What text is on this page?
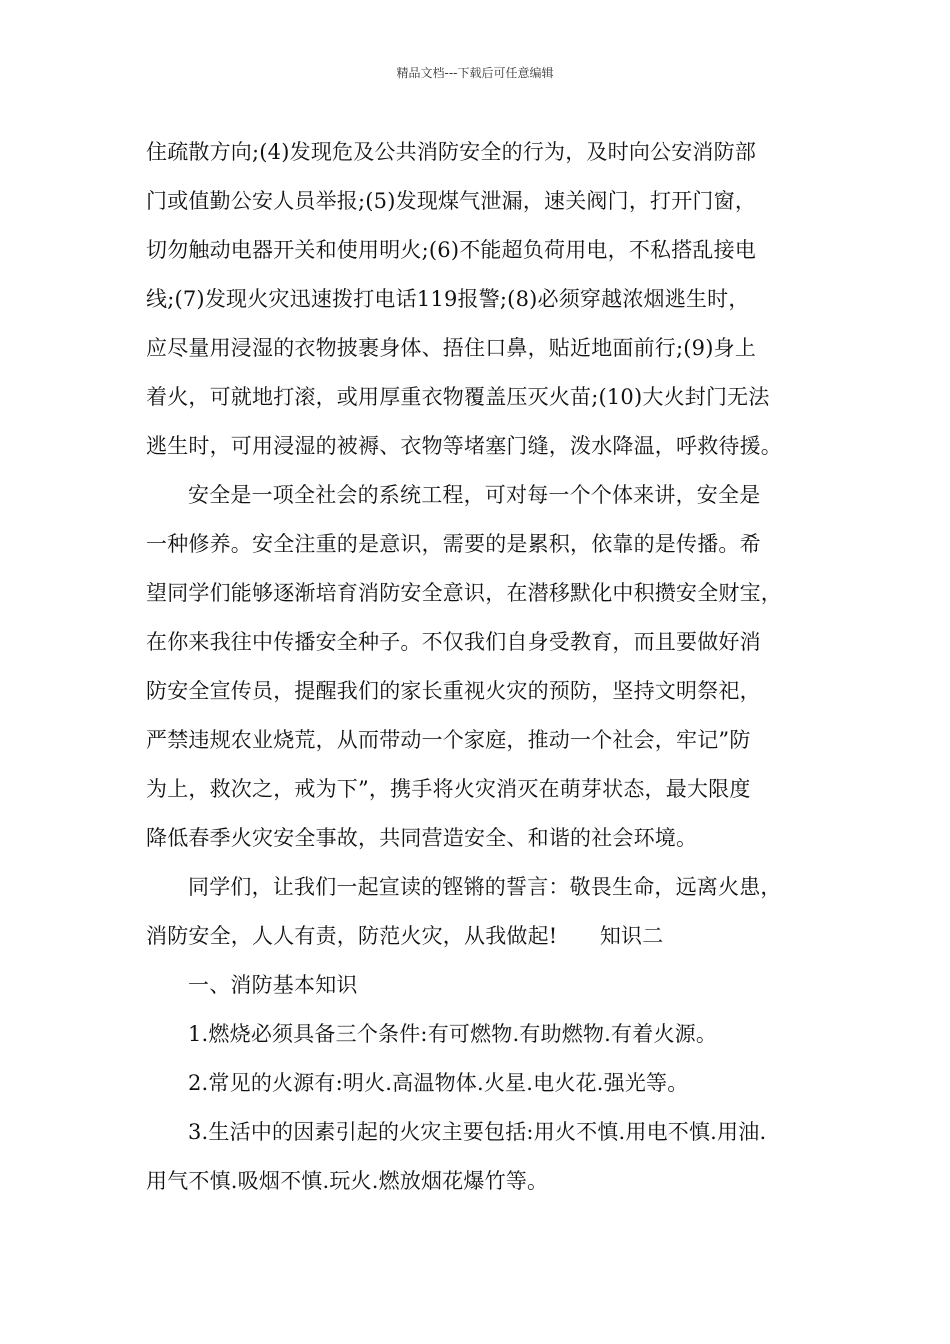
精品文档---下载后可任意编辑
住疏散方向;(4)发现危及公共消防安全的行为，及时向公安消防部
门或值勤公安人员举报;(5)发现煤气泄漏，速关阀门，打开门窗，
切勿触动电器开关和使用明火;(6)不能超负荷用电，不私搭乱接电
线;(7)发现火灾迅速拨打电话119报警;(8)必须穿越浓烟逃生时，
应尽量用浸湿的衣物披裹身体、捂住口鼻，贴近地面前行;(9)身上
着火，可就地打滚，或用厚重衣物覆盖压灭火苗;(10)大火封门无法
逃生时，可用浸湿的被褥、衣物等堵塞门缝，泼水降温，呼救待援。
安全是一项全社会的系统工程，可对每一个个体来讲，安全是
一种修养。安全注重的是意识，需要的是累积，依靠的是传播。希
望同学们能够逐渐培育消防安全意识，在潜移默化中积攒安全财宝，
在你来我往中传播安全种子。不仅我们自身受教育，而且要做好消
防安全宣传员，提醒我们的家长重视火灾的预防，坚持文明祭祀，
严禁违规农业烧荒，从而带动一个家庭，推动一个社会，牢记”防
为上，救次之，戒为下”，携手将火灾消灭在萌芽状态，最大限度
降低春季火灾安全事故，共同营造安全、和谐的社会环境。
同学们，让我们一起宣读的铿锵的誓言：敬畏生命，远离火患，
消防安全，人人有责，防范火灾，从我做起!　　知识二
一、消防基本知识
1.燃烧必须具备三个条件:有可燃物.有助燃物.有着火源。
2.常见的火源有:明火.高温物体.火星.电火花.强光等。
3.生活中的因素引起的火灾主要包括:用火不慎.用电不慎.用油.
用气不慎.吸烟不慎.玩火.燃放烟花爆竹等。
